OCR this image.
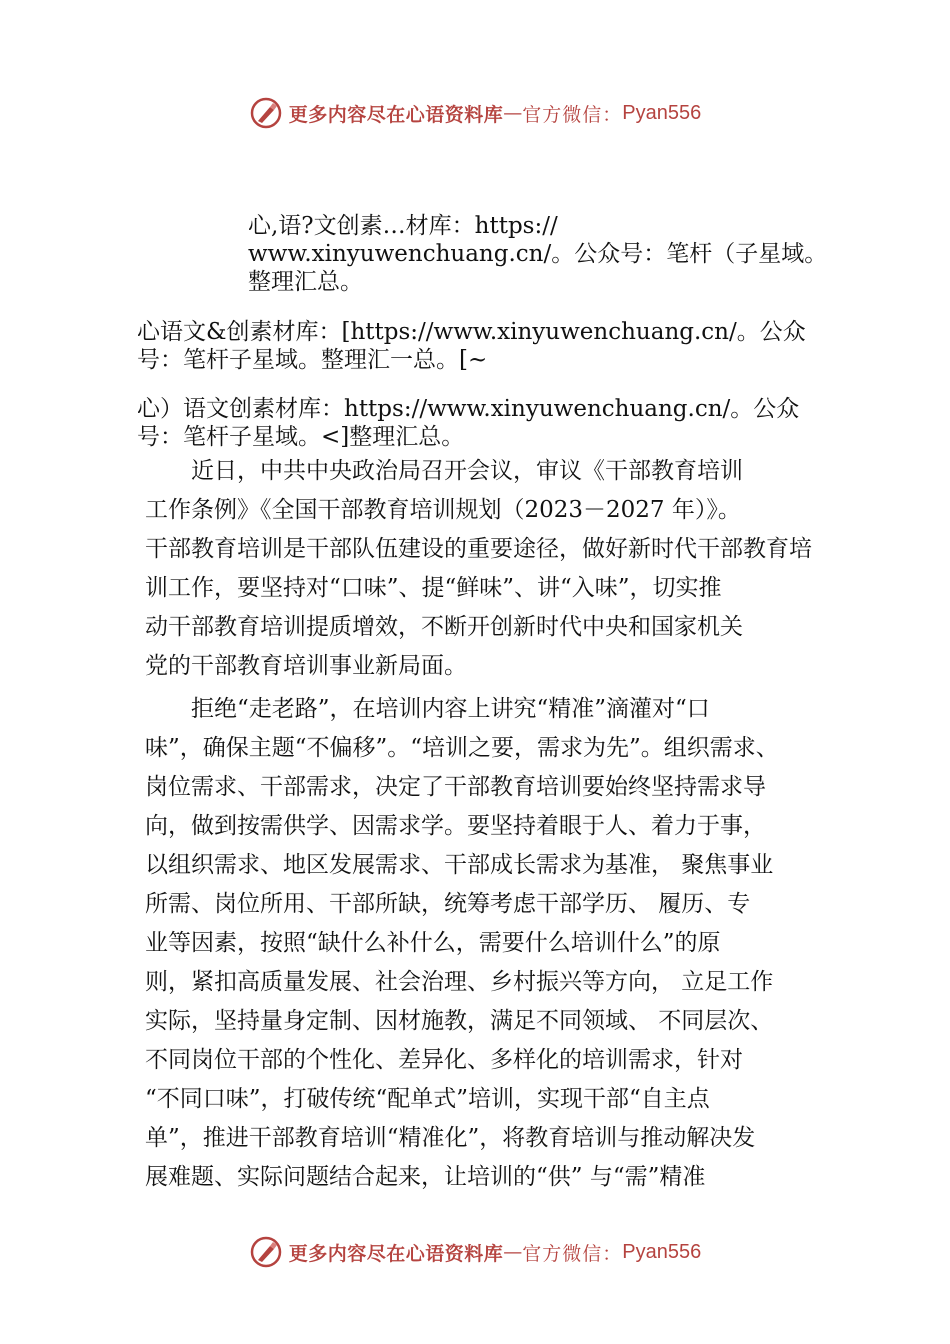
更多内容尽在心语资料库 — 官方微信： Pyan556
心,语?文创素…材库：https://
www.xinyuwenchuang.cn/。公众号：笔杆（子星域。
整理汇总。
心语文&创素材库：[https://www.xinyuwenchuang.cn/。公众
号：笔杆子星域。整理汇一总。[~
心）语文创素材库：https://www.xinyuwenchuang.cn/。公众
号：笔杆子星域。<]整理汇总。
　　近日，中共中央政治局召开会议，审议《干部教育培训
工作条例》《全国干部教育培训规划（2023－2027 年）》。
干部教育培训是干部队伍建设的重要途径，做好新时代干部教育培
训工作，要坚持对“口味”、提“鲜味”、讲“入味”，切实推
动干部教育培训提质增效，不断开创新时代中央和国家机关
党的干部教育培训事业新局面。
　　拒绝“走老路”，在培训内容上讲究“精准”滴灌对“口
味”，确保主题“不偏移”。“培训之要，需求为先”。组织需求、
岗位需求、干部需求，决定了干部教育培训要始终坚持需求导
向，做到按需供学、因需求学。要坚持着眼于人、着力于事，
以组织需求、地区发展需求、干部成长需求为基准， 聚焦事业
所需、岗位所用、干部所缺，统筹考虑干部学历、 履历、专
业等因素，按照“缺什么补什么，需要什么培训什么”的原
则，紧扣高质量发展、社会治理、乡村振兴等方向， 立足工作
实际，坚持量身定制、因材施教，满足不同领域、 不同层次、
不同岗位干部的个性化、差异化、多样化的培训需求，针对
“不同口味”，打破传统“配单式”培训，实现干部“自主点
单”，推进干部教育培训“精准化”，将教育培训与推动解决发
展难题、实际问题结合起来，让培训的“供” 与“需”精准
更多内容尽在心语资料库 — 官方微信： Pyan556
